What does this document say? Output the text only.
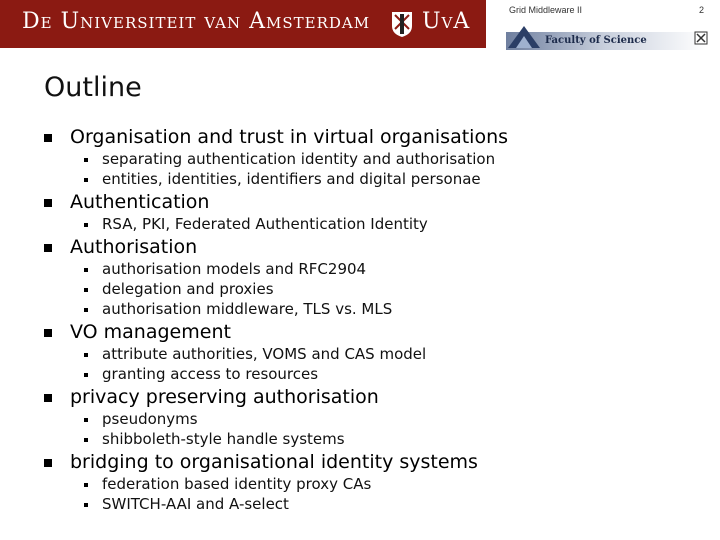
De Universiteit van Amsterdam UvA	Grid Middleware II	2
Faculty of Science
Outline
Organisation and trust in virtual organisations
separating authentication identity and authorisation
entities, identities, identifiers and digital personae
Authentication
RSA, PKI, Federated Authentication Identity
Authorisation
authorisation models and RFC2904
delegation and proxies
authorisation middleware, TLS vs. MLS
VO management
attribute authorities, VOMS and CAS model
granting access to resources
privacy preserving authorisation
pseudonyms
shibboleth-style handle systems
bridging to organisational identity systems
federation based identity proxy CAs
SWITCH-AAI and A-select
